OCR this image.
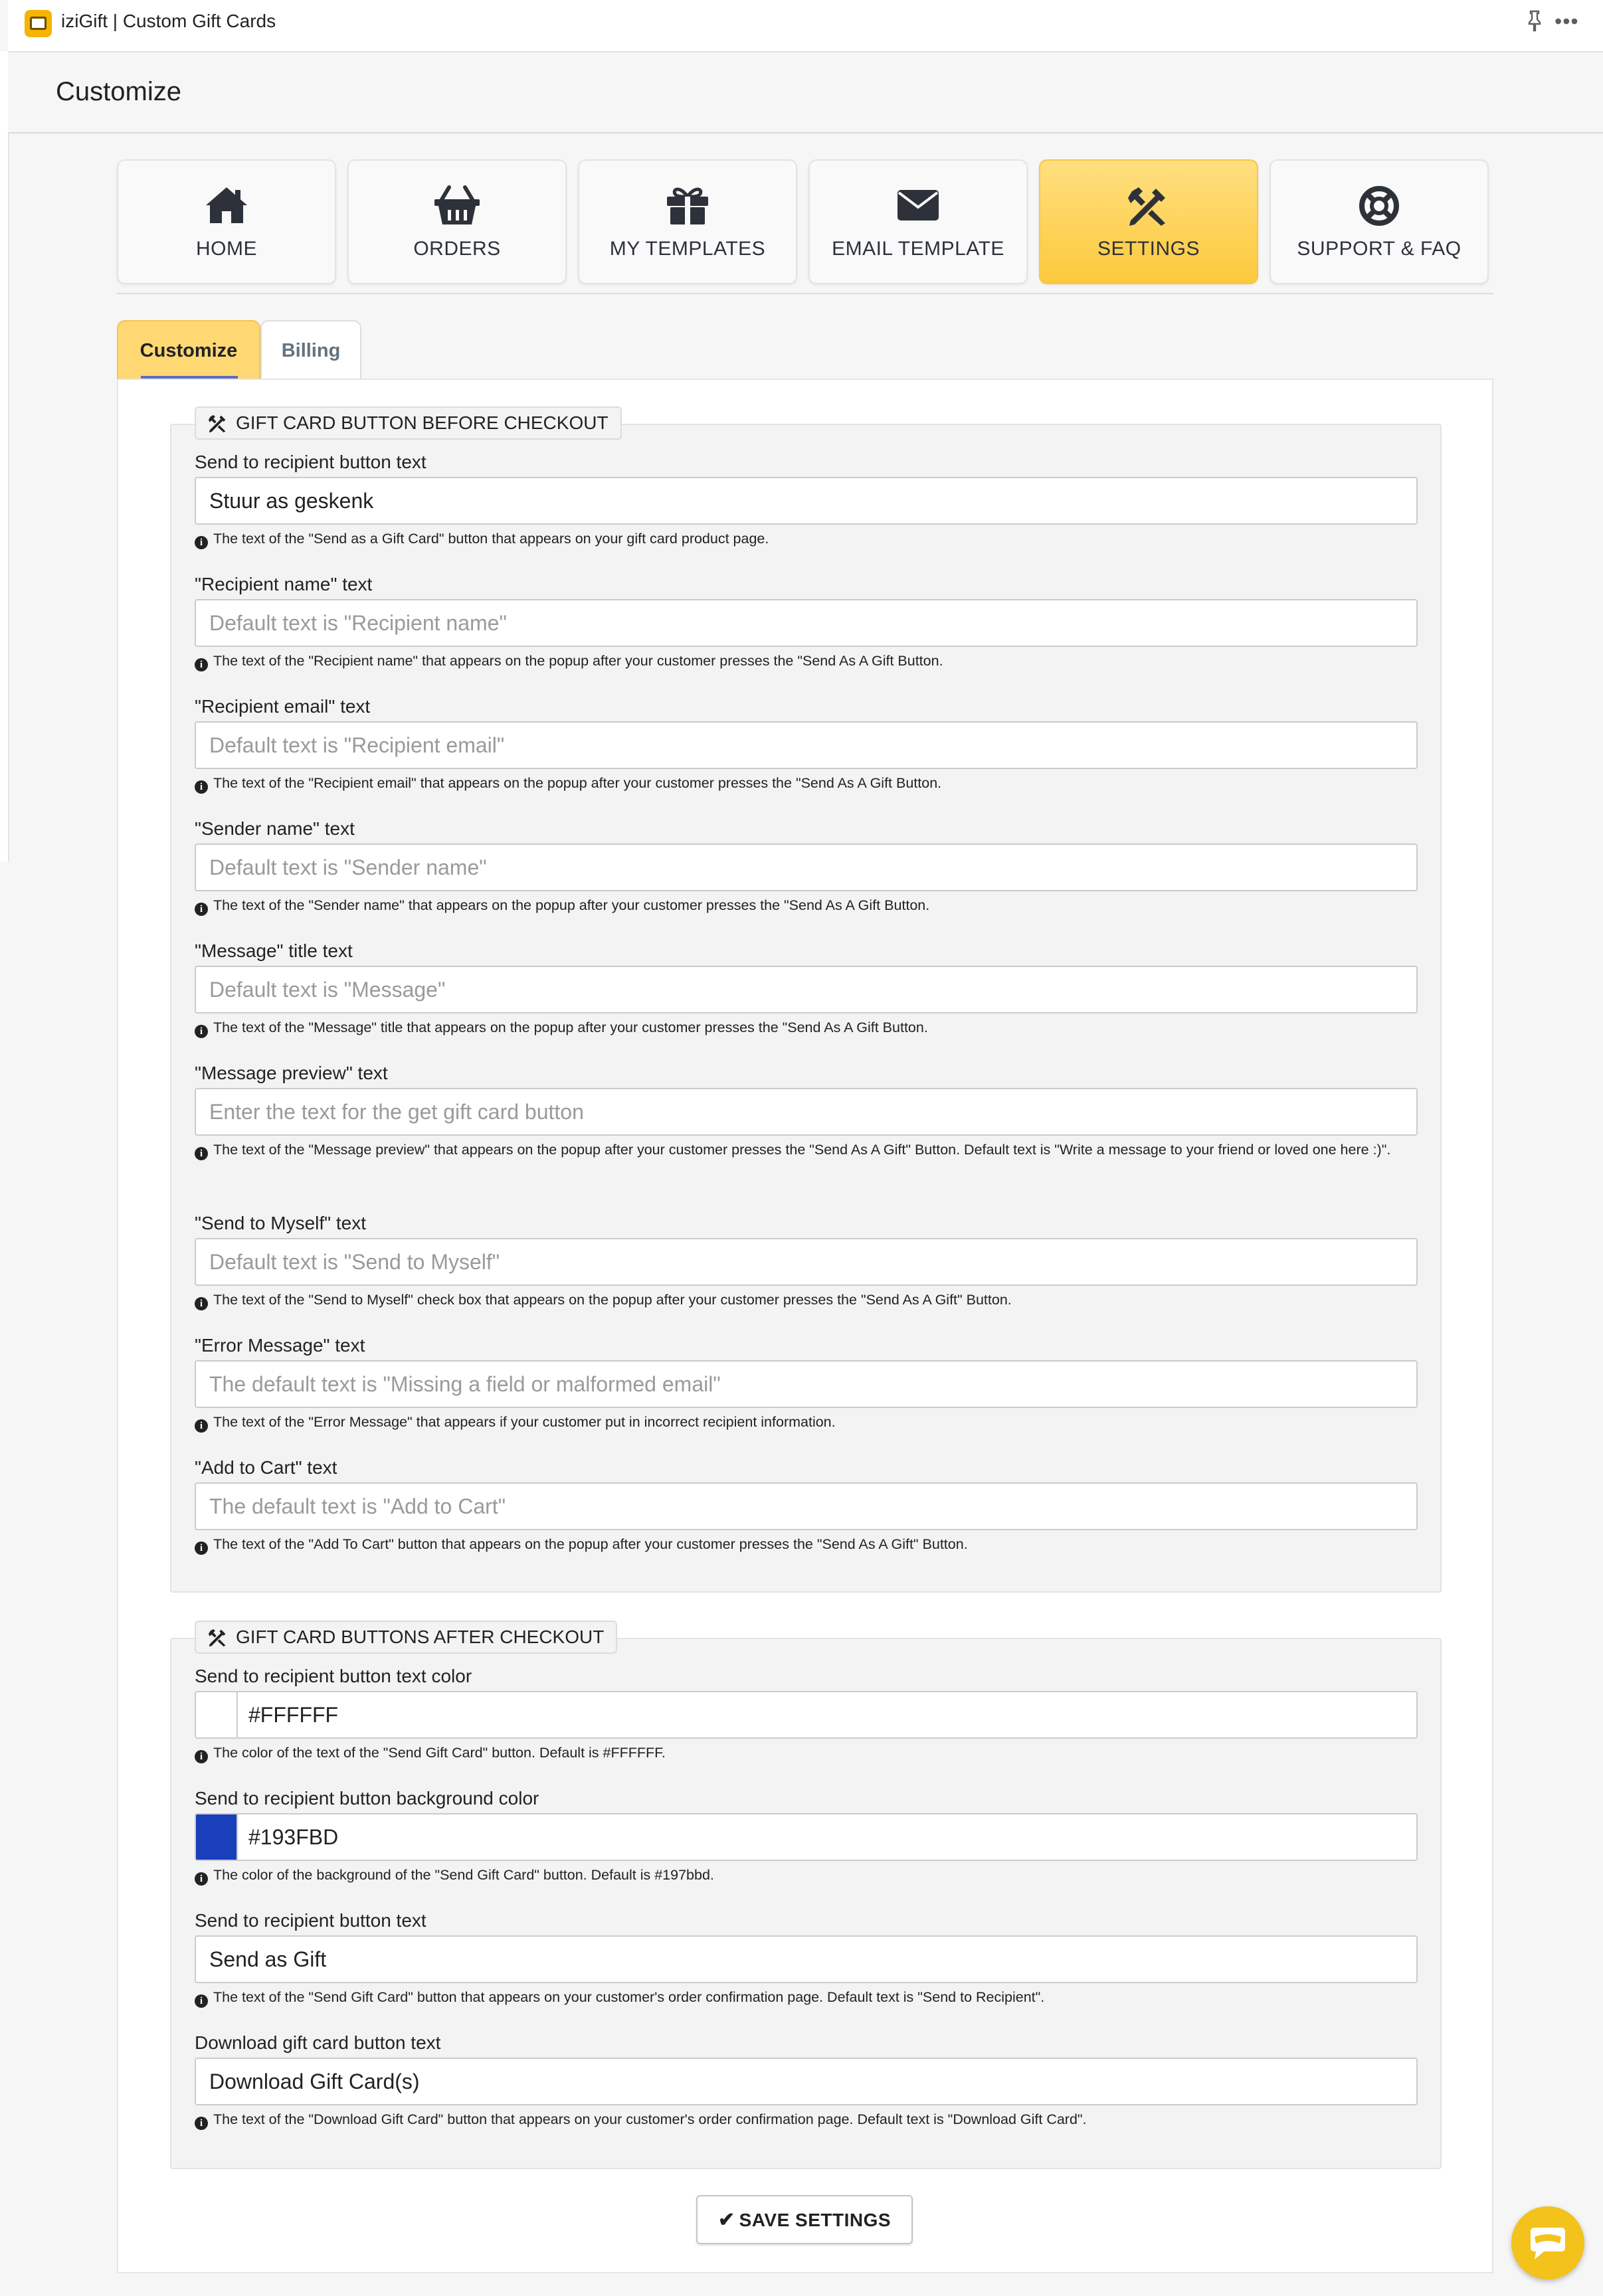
iziGift | Custom Gift Cards	•••
Customize
HOME	ORDERS	MY TEMPLATES	EMAIL TEMPLATE	SETTINGS	SUPPORT & FAQ
Customize	Billing
GIFT CARD BUTTON BEFORE CHECKOUT
Send to recipient button text
Stuur as geskenk
i The text of the "Send as a Gift Card" button that appears on your gift card product page.
"Recipient name" text
Default text is "Recipient name"
i The text of the "Recipient name" that appears on the popup after your customer presses the "Send As A Gift Button.
"Recipient email" text
Default text is "Recipient email"
i The text of the "Recipient email" that appears on the popup after your customer presses the "Send As A Gift Button.
"Sender name" text
Default text is "Sender name"
i The text of the "Sender name" that appears on the popup after your customer presses the "Send As A Gift Button.
"Message" title text
Default text is "Message"
i The text of the "Message" title that appears on the popup after your customer presses the "Send As A Gift Button.
"Message preview" text
Enter the text for the get gift card button
i The text of the "Message preview" that appears on the popup after your customer presses the "Send As A Gift" Button. Default text is "Write a message to your friend or loved one here :)".
"Send to Myself" text
Default text is "Send to Myself"
i The text of the "Send to Myself" check box that appears on the popup after your customer presses the "Send As A Gift" Button.
"Error Message" text
The default text is "Missing a field or malformed email"
i The text of the "Error Message" that appears if your customer put in incorrect recipient information.
"Add to Cart" text
The default text is "Add to Cart"
i The text of the "Add To Cart" button that appears on the popup after your customer presses the "Send As A Gift" Button.
GIFT CARD BUTTONS AFTER CHECKOUT
Send to recipient button text color
#FFFFFF
i The color of the text of the "Send Gift Card" button. Default is #FFFFFF.
Send to recipient button background color
#193FBD
i The color of the background of the "Send Gift Card" button. Default is #197bbd.
Send to recipient button text
Send as Gift
i The text of the "Send Gift Card" button that appears on your customer's order confirmation page. Default text is "Send to Recipient".
Download gift card button text
Download Gift Card(s)
i The text of the "Download Gift Card" button that appears on your customer's order confirmation page. Default text is "Download Gift Card".
✔ SAVE SETTINGS
